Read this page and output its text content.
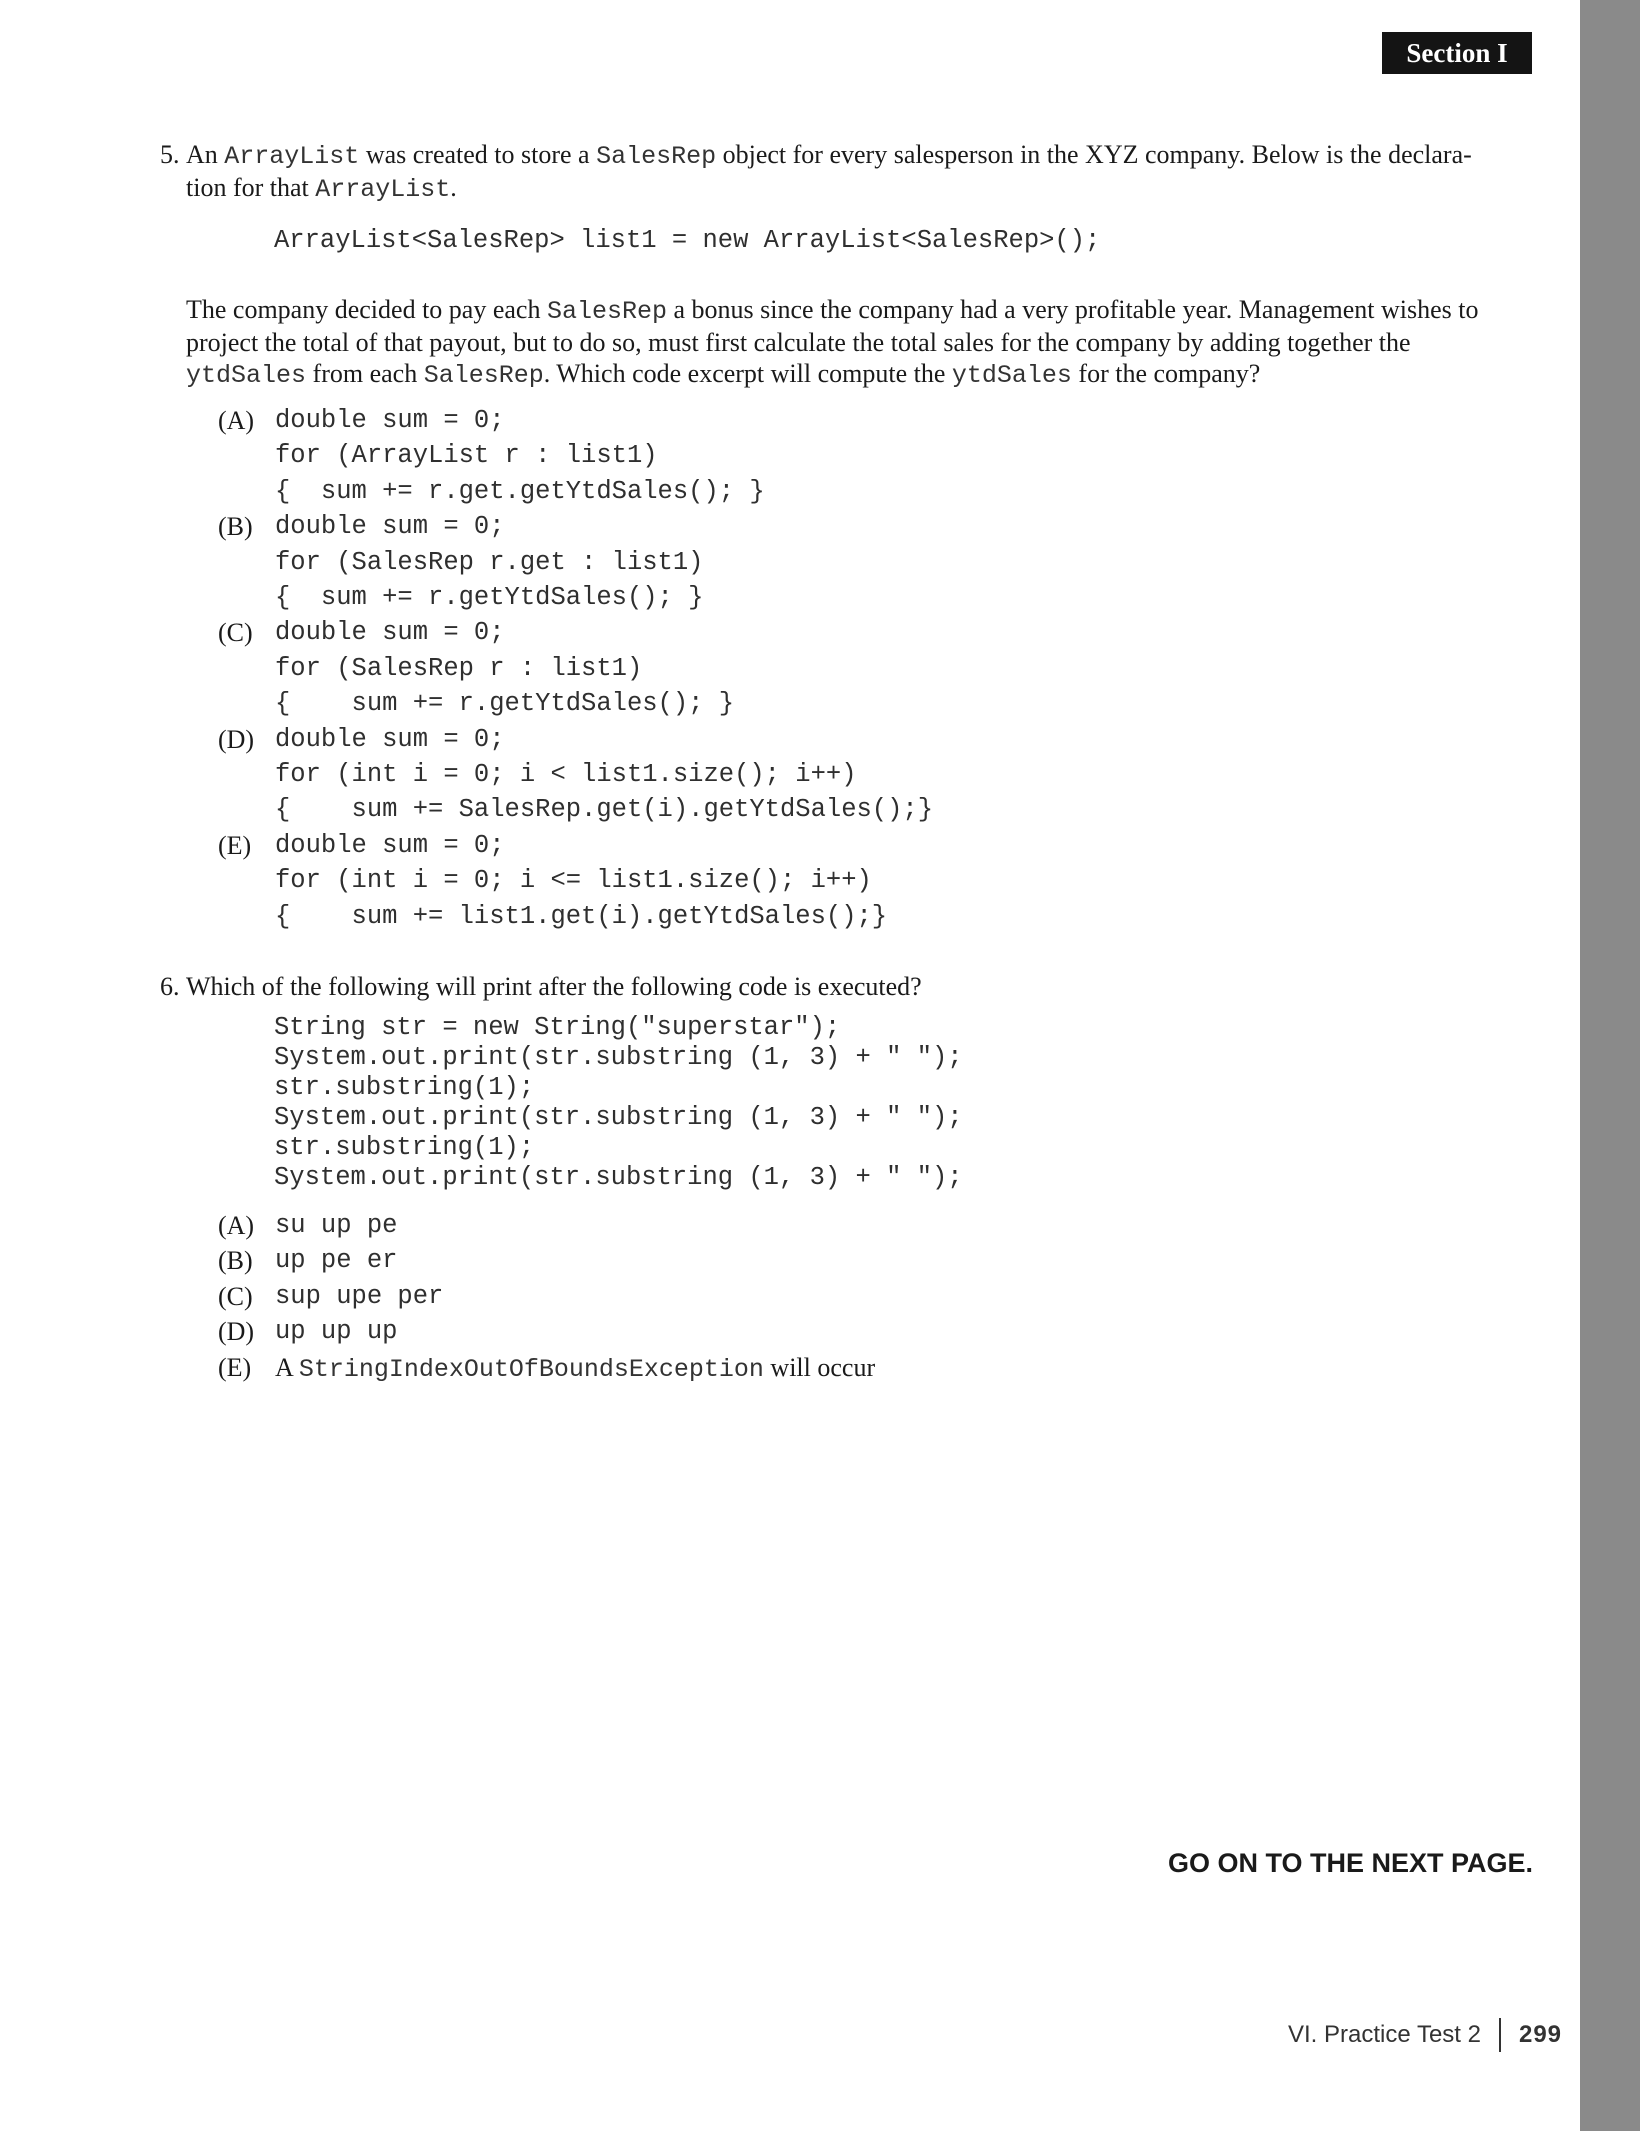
Section I
5. An ArrayList was created to store a SalesRep object for every salesperson in the XYZ company. Below is the declara-
tion for that ArrayList.

ArrayList<SalesRep> list1 = new ArrayList<SalesRep>();

The company decided to pay each SalesRep a bonus since the company had a very profitable year. Management wishes to
project the total of that payout, but to do so, must first calculate the total sales for the company by adding together the
ytdSales from each SalesRep. Which code excerpt will compute the ytdSales for the company?

(A) double sum = 0;
for (ArrayList r : list1)
{  sum += r.get.getYtdSales(); }
(B) double sum = 0;
for (SalesRep r.get : list1)
{  sum += r.getYtdSales(); }
(C) double sum = 0;
for (SalesRep r : list1)
{    sum += r.getYtdSales(); }
(D) double sum = 0;
for (int i = 0; i < list1.size(); i++)
{    sum += SalesRep.get(i).getYtdSales();}
(E) double sum = 0;
for (int i = 0; i <= list1.size(); i++)
{    sum += list1.get(i).getYtdSales();}
6. Which of the following will print after the following code is executed?

String str = new String("superstar");
System.out.print(str.substring (1, 3) + " ");
str.substring(1);
System.out.print(str.substring (1, 3) + " ");
str.substring(1);
System.out.print(str.substring (1, 3) + " ");
(A) su up pe
(B) up pe er
(C) sup upe per
(D) up up up
(E) A StringIndexOutOfBoundsException will occur
GO ON TO THE NEXT PAGE.
VI. Practice Test 2 299
